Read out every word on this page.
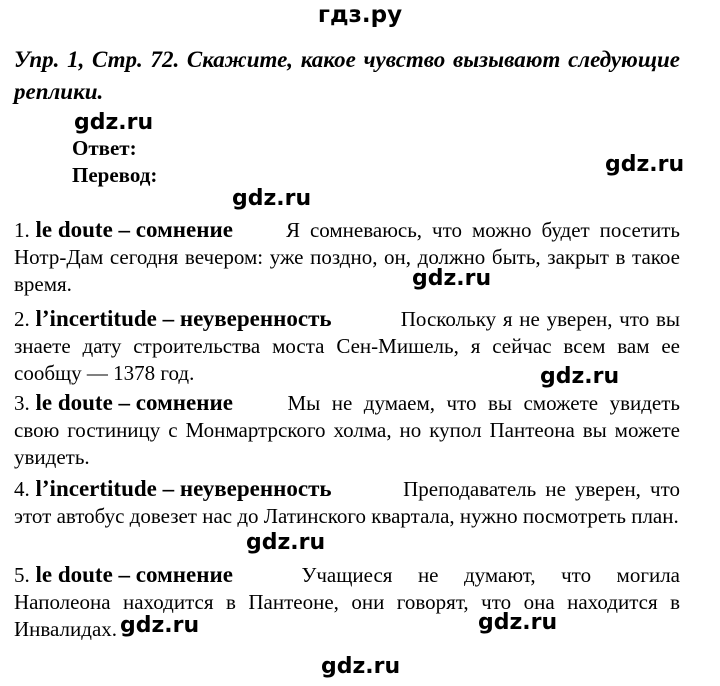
гдз.ру
Упр. 1, Стр. 72. Скажите, какое чувство вызывают следующие реплики.
gdz.ru
Ответ:
Перевод:	gdz.ru
gdz.ru
1. le doute – сомнение	Я сомневаюсь, что можно будет посетить Нотр-Дам сегодня вечером: уже поздно, он, должно быть, закрыт в такое время.	gdz.ru
2. l’incertitude – неуверенность	Поскольку я не уверен, что вы знаете дату строительства моста Сен-Мишель, я сейчас всем вам ее сообщу — 1378 год.	gdz.ru
3. le doute – сомнение	Мы не думаем, что вы сможете увидеть свою гостиницу с Монмартрского холма, но купол Пантеона вы можете увидеть.
4. l’incertitude – неуверенность	Преподаватель не уверен, что этот автобус довезет нас до Латинского квартала, нужно посмотреть план.
gdz.ru
5. le doute – сомнение	Учащиеся не думают, что могила Наполеона находится в Пантеоне, они говорят, что она находится в Инвалидах. gdz.ru	gdz.ru
gdz.ru
